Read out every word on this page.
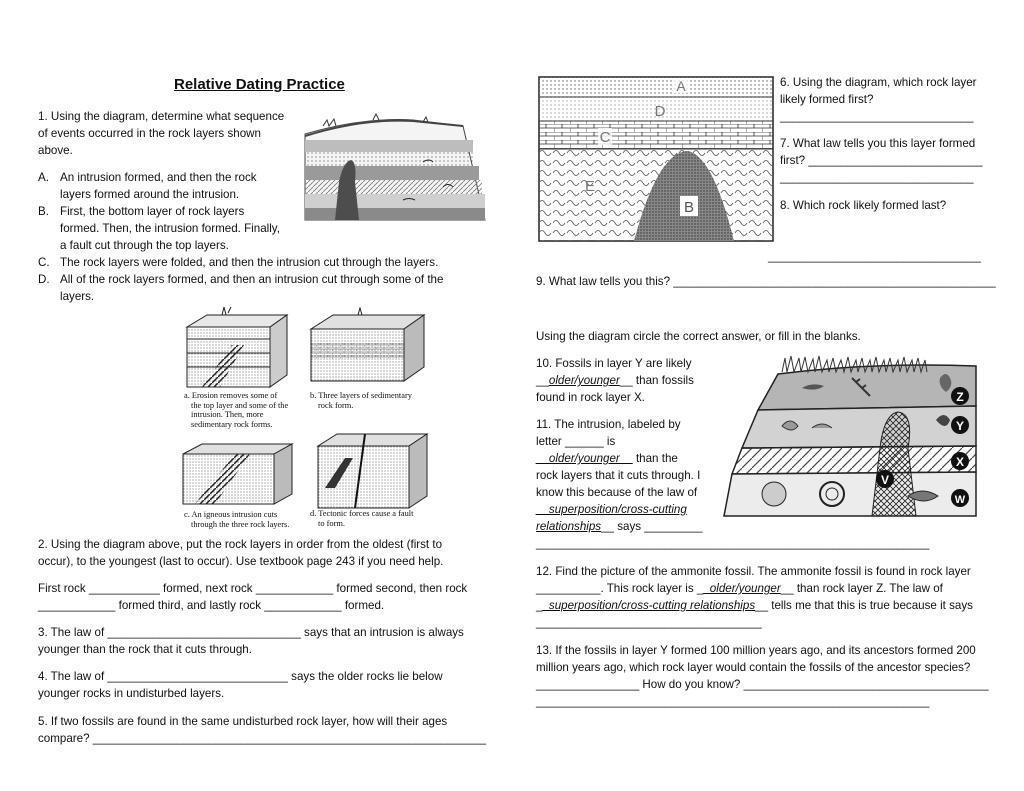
Relative Dating Practice
1. Using the diagram, determine what sequence
of events occurred in the rock layers shown
above.
A. An intrusion formed, and then the rock
layers formed around the intrusion.
B. First, the bottom layer of rock layers
formed. Then, the intrusion formed. Finally,
a fault cut through the top layers.
C. The rock layers were folded, and then the intrusion cut through the layers.
D. All of the rock layers formed, and then an intrusion cut through some of the
layers.
a. Erosion removes some of
the top layer and some of the
intrusion. Then, more
sedimentary rock forms.
b. Three layers of sedimentary
rock form.
c. An igneous intrusion cuts
through the three rock layers.
d. Tectonic forces cause a fault
to form.
2. Using the diagram above, put the rock layers in order from the oldest (first to
occur), to the youngest (last to occur). Use textbook page 243 if you need help.
First rock ___________ formed, next rock ____________ formed second, then rock
____________ formed third, and lastly rock ____________ formed.
3. The law of ______________________________ says that an intrusion is always
younger than the rock that it cuts through.
4. The law of ____________________________ says the older rocks lie below
younger rocks in undisturbed layers.
5. If two fossils are found in the same undisturbed rock layer, how will their ages
compare? _____________________________________________________________
A
D
C
E
B
6. Using the diagram, which rock layer
likely formed first?
______________________________
7. What law tells you this layer formed
first? ___________________________
______________________________
8. Which rock likely formed last?
_________________________________
9. What law tells you this? __________________________________________________
Using the diagram circle the correct answer, or fill in the blanks.
10. Fossils in layer Y are likely
__older/younger__ than fossils
found in rock layer X.
11. The intrusion, labeled by
letter ______ is
__older/younger__ than the
rock layers that it cuts through. I
know this because of the law of
__superposition/cross-cutting
relationships__ says _________
_____________________________________________________________
Z
Y
X
V
W
12. Find the picture of the ammonite fossil. The ammonite fossil is found in rock layer
__________. This rock layer is __older/younger__ than rock layer Z. The law of
__superposition/cross-cutting relationships__ tells me that this is true because it says
___________________________________
13. If the fossils in layer Y formed 100 million years ago, and its ancestors formed 200
million years ago, which rock layer would contain the fossils of the ancestor species?
________________ How do you know? ______________________________________
_____________________________________________________________
